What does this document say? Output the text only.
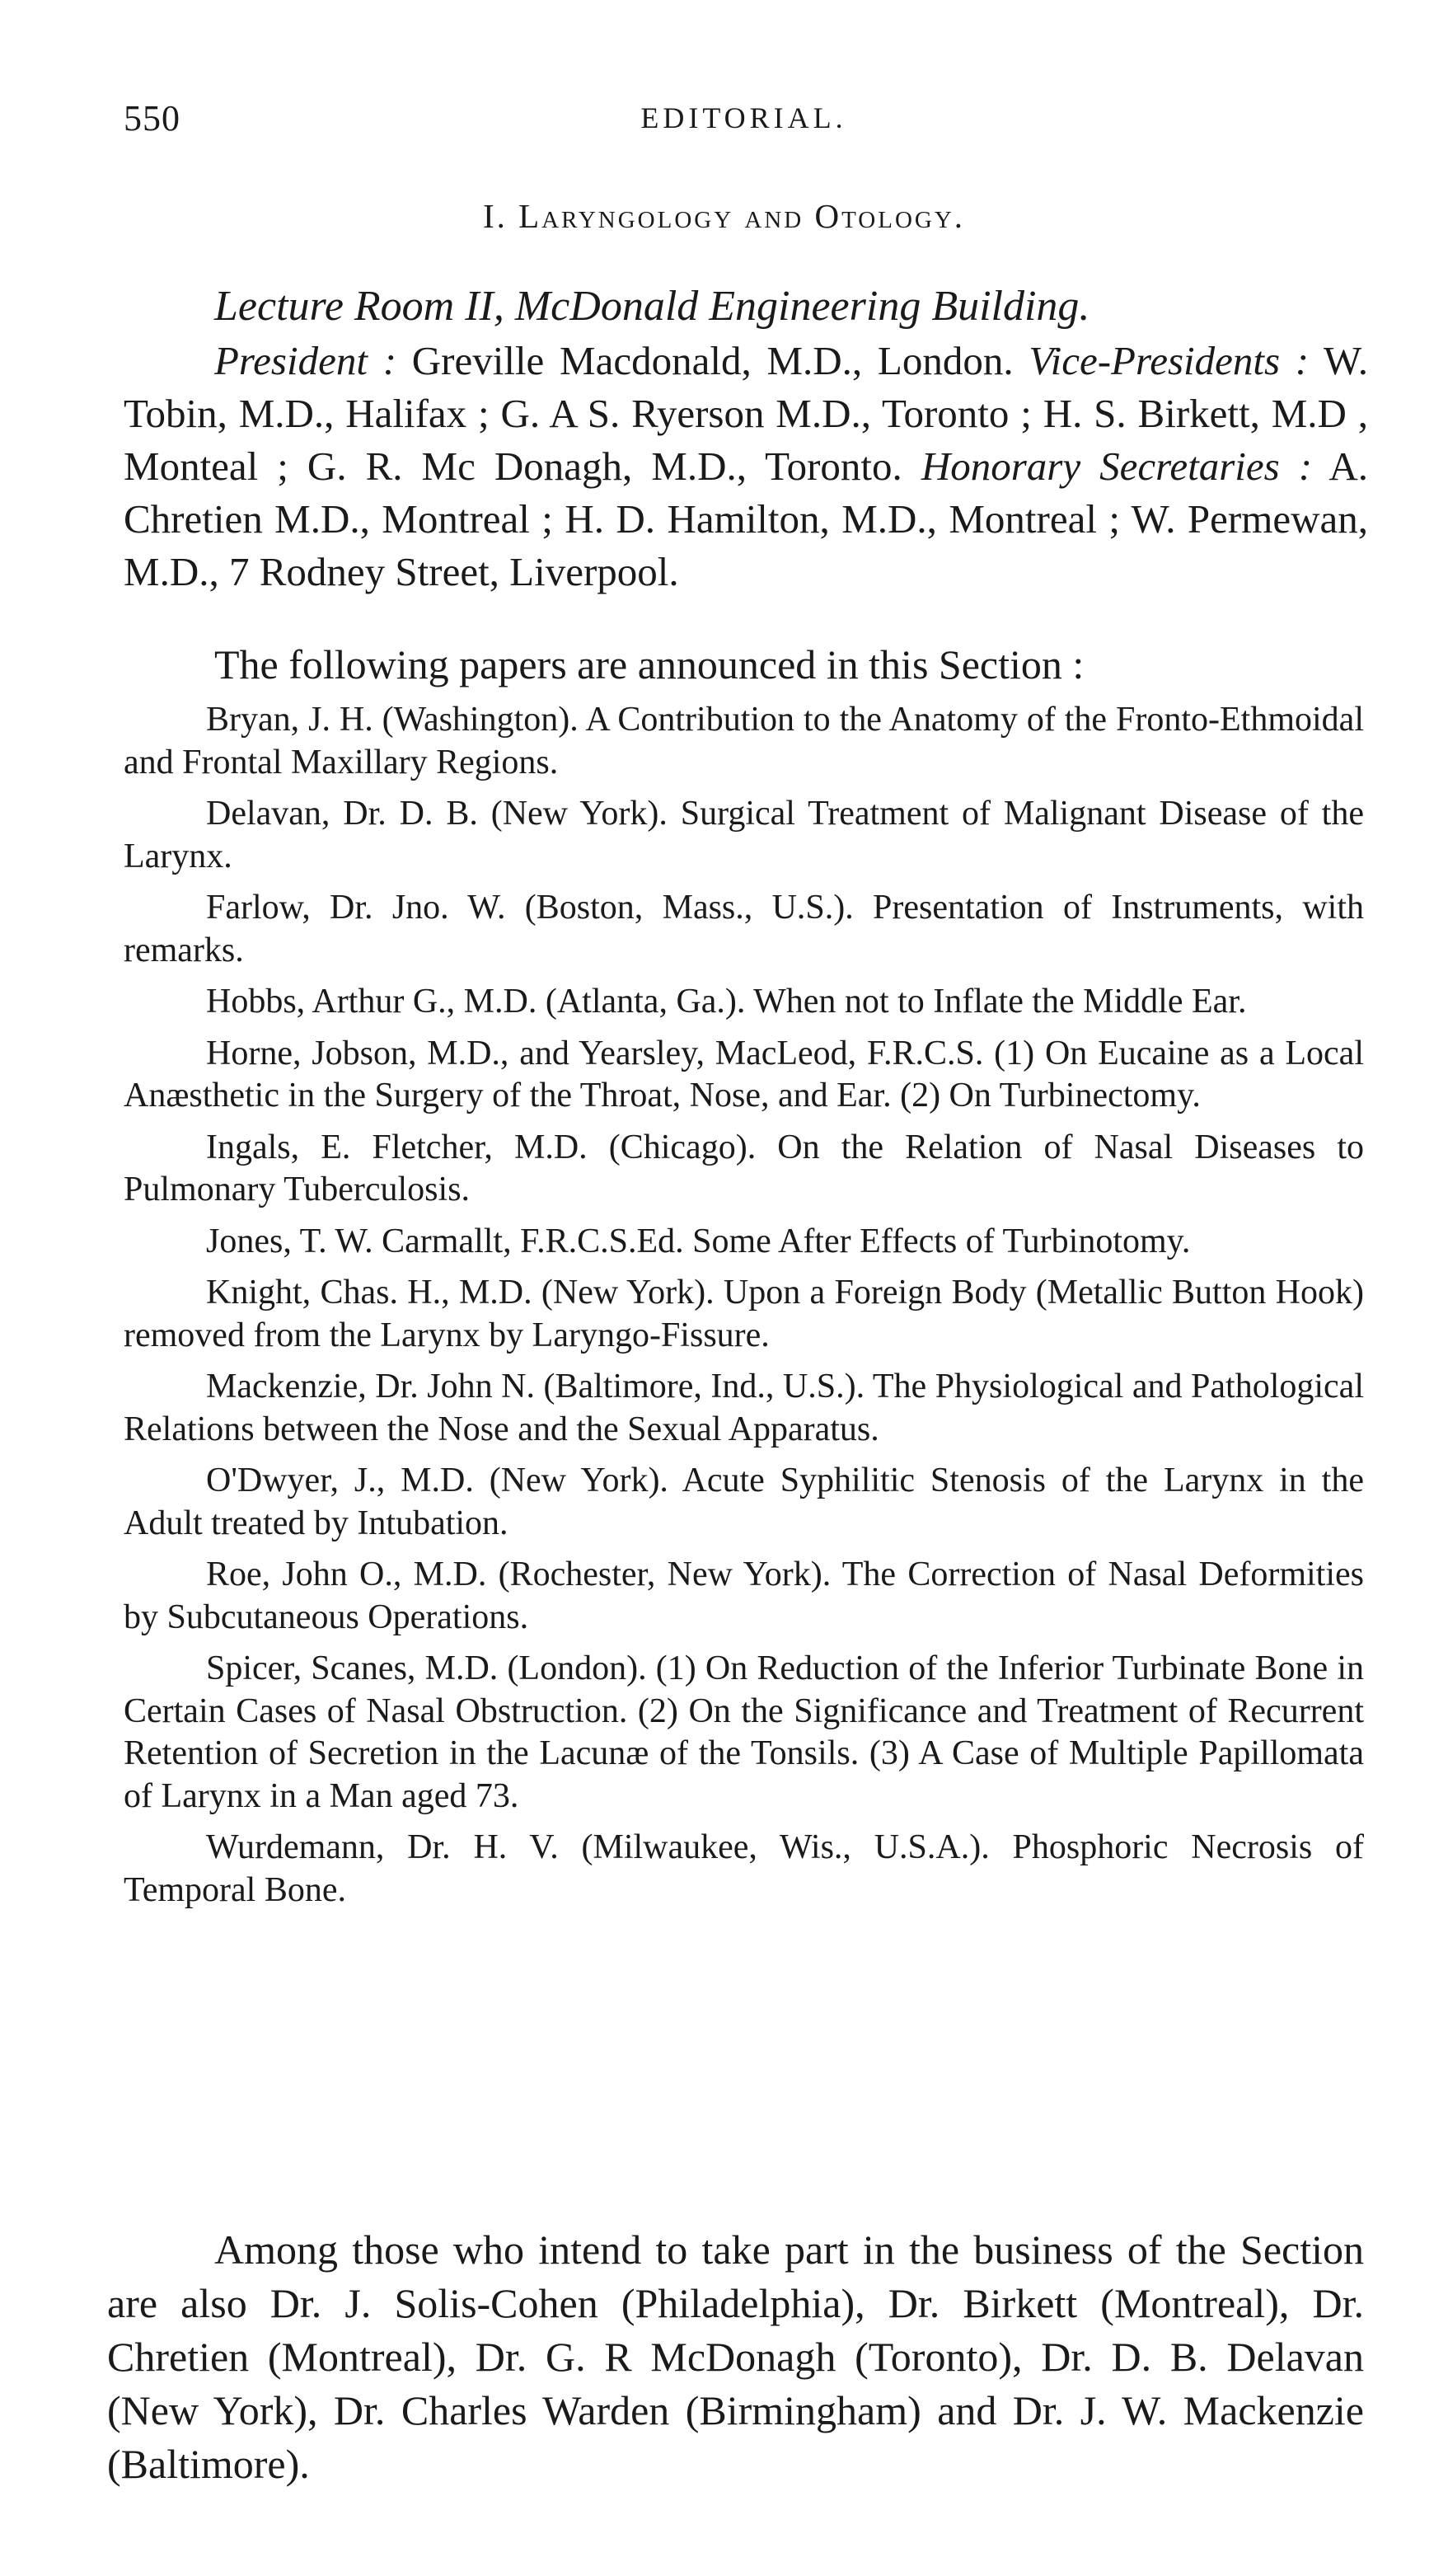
550	EDITORIAL.
I. Laryngology and Otology.
Lecture Room II, McDonald Engineering Building.

President : Greville Macdonald, M.D., London. Vice-Presidents : W. Tobin, M.D., Halifax ; G. A S. Ryerson M.D., Toronto ; H. S. Birkett, M.D , Monteal ; G. R. Mc Donagh, M.D., Toronto. Honorary Secretaries : A. Chretien M.D., Montreal ; H. D. Hamilton, M.D., Montreal ; W. Permewan, M.D., 7 Rodney Street, Liverpool.

The following papers are announced in this Section :
Bryan, J. H. (Washington). A Contribution to the Anatomy of the Fronto-Ethmoidal and Frontal Maxillary Regions.
Delavan, Dr. D. B. (New York). Surgical Treatment of Malignant Disease of the Larynx.
Farlow, Dr. Jno. W. (Boston, Mass., U.S.). Presentation of Instruments, with remarks.
Hobbs, Arthur G., M.D. (Atlanta, Ga.). When not to Inflate the Middle Ear.
Horne, Jobson, M.D., and Yearsley, MacLeod, F.R.C.S. (1) On Eucaine as a Local Anæsthetic in the Surgery of the Throat, Nose, and Ear. (2) On Turbinectomy.
Ingals, E. Fletcher, M.D. (Chicago). On the Relation of Nasal Diseases to Pulmonary Tuberculosis.
Jones, T. W. Carmallt, F.R.C.S.Ed. Some After Effects of Turbinotomy.
Knight, Chas. H., M.D. (New York). Upon a Foreign Body (Metallic Button Hook) removed from the Larynx by Laryngo-Fissure.
Mackenzie, Dr. John N. (Baltimore, Ind., U.S.). The Physiological and Pathological Relations between the Nose and the Sexual Apparatus.
O'Dwyer, J., M.D. (New York). Acute Syphilitic Stenosis of the Larynx in the Adult treated by Intubation.
Roe, John O., M.D. (Rochester, New York). The Correction of Nasal Deformities by Subcutaneous Operations.
Spicer, Scanes, M.D. (London). (1) On Reduction of the Inferior Turbinate Bone in Certain Cases of Nasal Obstruction. (2) On the Significance and Treatment of Recurrent Retention of Secretion in the Lacunæ of the Tonsils. (3) A Case of Multiple Papillomata of Larynx in a Man aged 73.
Wurdemann, Dr. H. V. (Milwaukee, Wis., U.S.A.). Phosphoric Necrosis of Temporal Bone.

Among those who intend to take part in the business of the Section are also Dr. J. Solis-Cohen (Philadelphia), Dr. Birkett (Montreal), Dr. Chretien (Montreal), Dr. G. R McDonagh (Toronto), Dr. D. B. Delavan (New York), Dr. Charles Warden (Birmingham) and Dr. J. W. Mackenzie (Baltimore).
